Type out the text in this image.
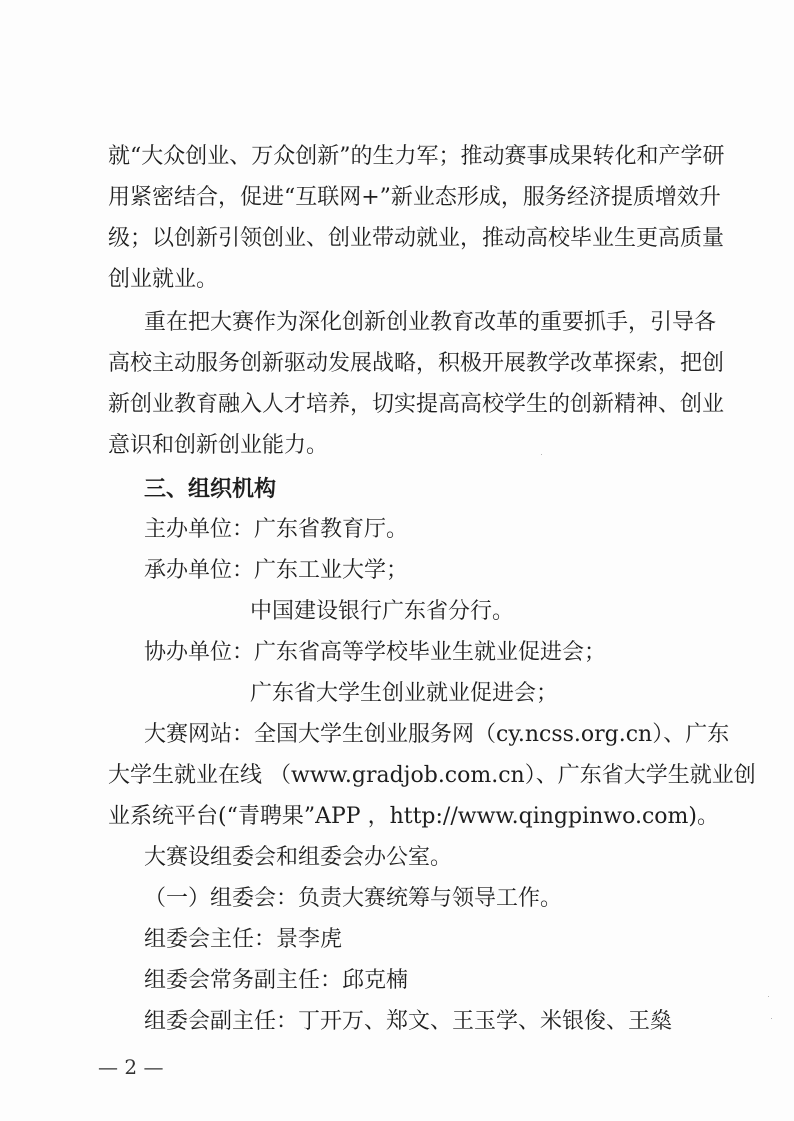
就“大众创业、万众创新”的生力军；推动赛事成果转化和产学研
用紧密结合，促进“互联网+”新业态形成，服务经济提质增效升
级；以创新引领创业、创业带动就业，推动高校毕业生更高质量
创业就业。
重在把大赛作为深化创新创业教育改革的重要抓手，引导各
高校主动服务创新驱动发展战略，积极开展教学改革探索，把创
新创业教育融入人才培养，切实提高高校学生的创新精神、创业
意识和创新创业能力。
三、组织机构
主办单位：广东省教育厅。
承办单位：广东工业大学；
中国建设银行广东省分行。
协办单位：广东省高等学校毕业生就业促进会；
广东省大学生创业就业促进会；
大赛网站：全国大学生创业服务网（cy.ncss.org.cn）、广东
大学生就业在线 （www.gradjob.com.cn）、广东省大学生就业创
业系统平台(“青聘果”APP ，http://www.qingpinwo.com)。
大赛设组委会和组委会办公室。
（一）组委会：负责大赛统筹与领导工作。
组委会主任：景李虎
组委会常务副主任：邱克楠
组委会副主任：丁开万、郑文、王玉学、米银俊、王燊
— 2 —
